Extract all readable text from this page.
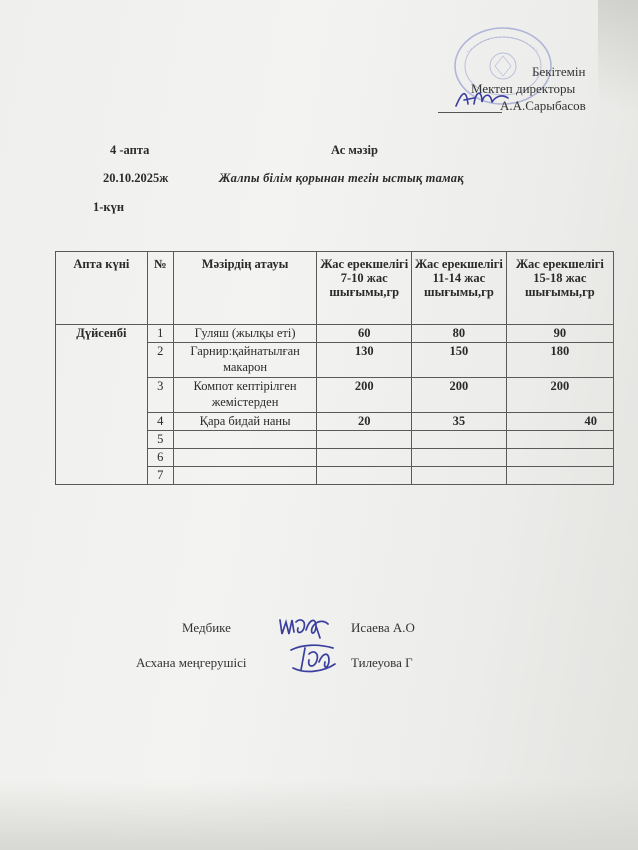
Бекітемін
Мектеп директоры
А.А.Сарыбасов
4 -апта	Ас мәзір
20.10.2025ж	Жалпы білім қорынан тегін ыстық тамақ
1-күн
Апта күні	№	Мәзірдің атауы	Жас ерекшелігі 7-10 жас шығымы,гр	Жас ерекшелігі 11-14 жас шығымы,гр	Жас ерекшелігі 15-18 жас шығымы,гр
Дүйсенбі	1	Гуляш (жылқы еті)	60	80	90
	2	Гарнир:қайнатылған макарон	130	150	180
	3	Компот кептірілген жемістерден	200	200	200
	4	Қара бидай наны	20	35	40
	5				
	6				
	7				
Медбике	Исаева А.О
Асхана меңгерушісі	Тилеуова Г
